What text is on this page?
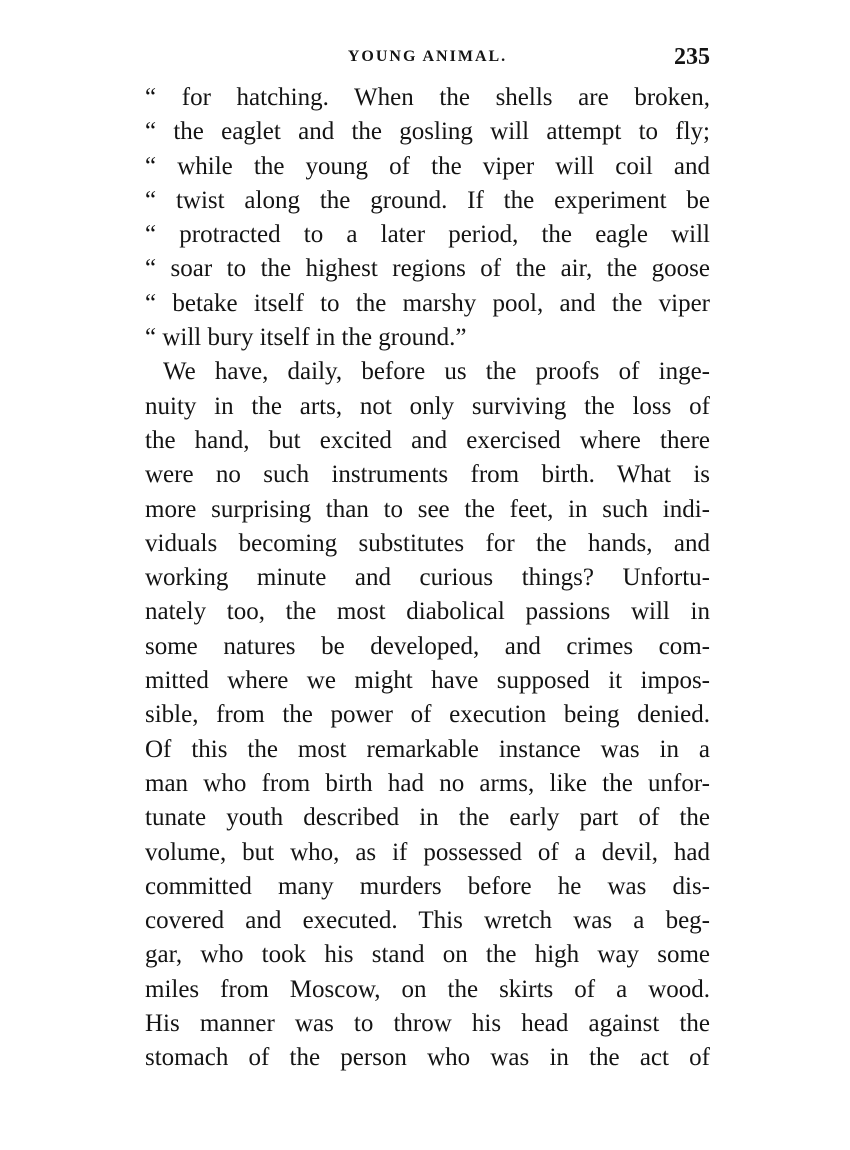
YOUNG ANIMAL.	235
“ for hatching. When the shells are broken,
“ the eaglet and the gosling will attempt to fly;
“ while the young of the viper will coil and
“ twist along the ground. If the experiment be
“ protracted to a later period, the eagle will
“ soar to the highest regions of the air, the goose
“ betake itself to the marshy pool, and the viper
“ will bury itself in the ground.”
We have, daily, before us the proofs of inge-
nuity in the arts, not only surviving the loss of
the hand, but excited and exercised where there
were no such instruments from birth. What is
more surprising than to see the feet, in such indi-
viduals becoming substitutes for the hands, and
working minute and curious things? Unfortu-
nately too, the most diabolical passions will in
some natures be developed, and crimes com-
mitted where we might have supposed it impos-
sible, from the power of execution being denied.
Of this the most remarkable instance was in a
man who from birth had no arms, like the unfor-
tunate youth described in the early part of the
volume, but who, as if possessed of a devil, had
committed many murders before he was dis-
covered and executed. This wretch was a beg-
gar, who took his stand on the high way some
miles from Moscow, on the skirts of a wood.
His manner was to throw his head against the
stomach of the person who was in the act of
